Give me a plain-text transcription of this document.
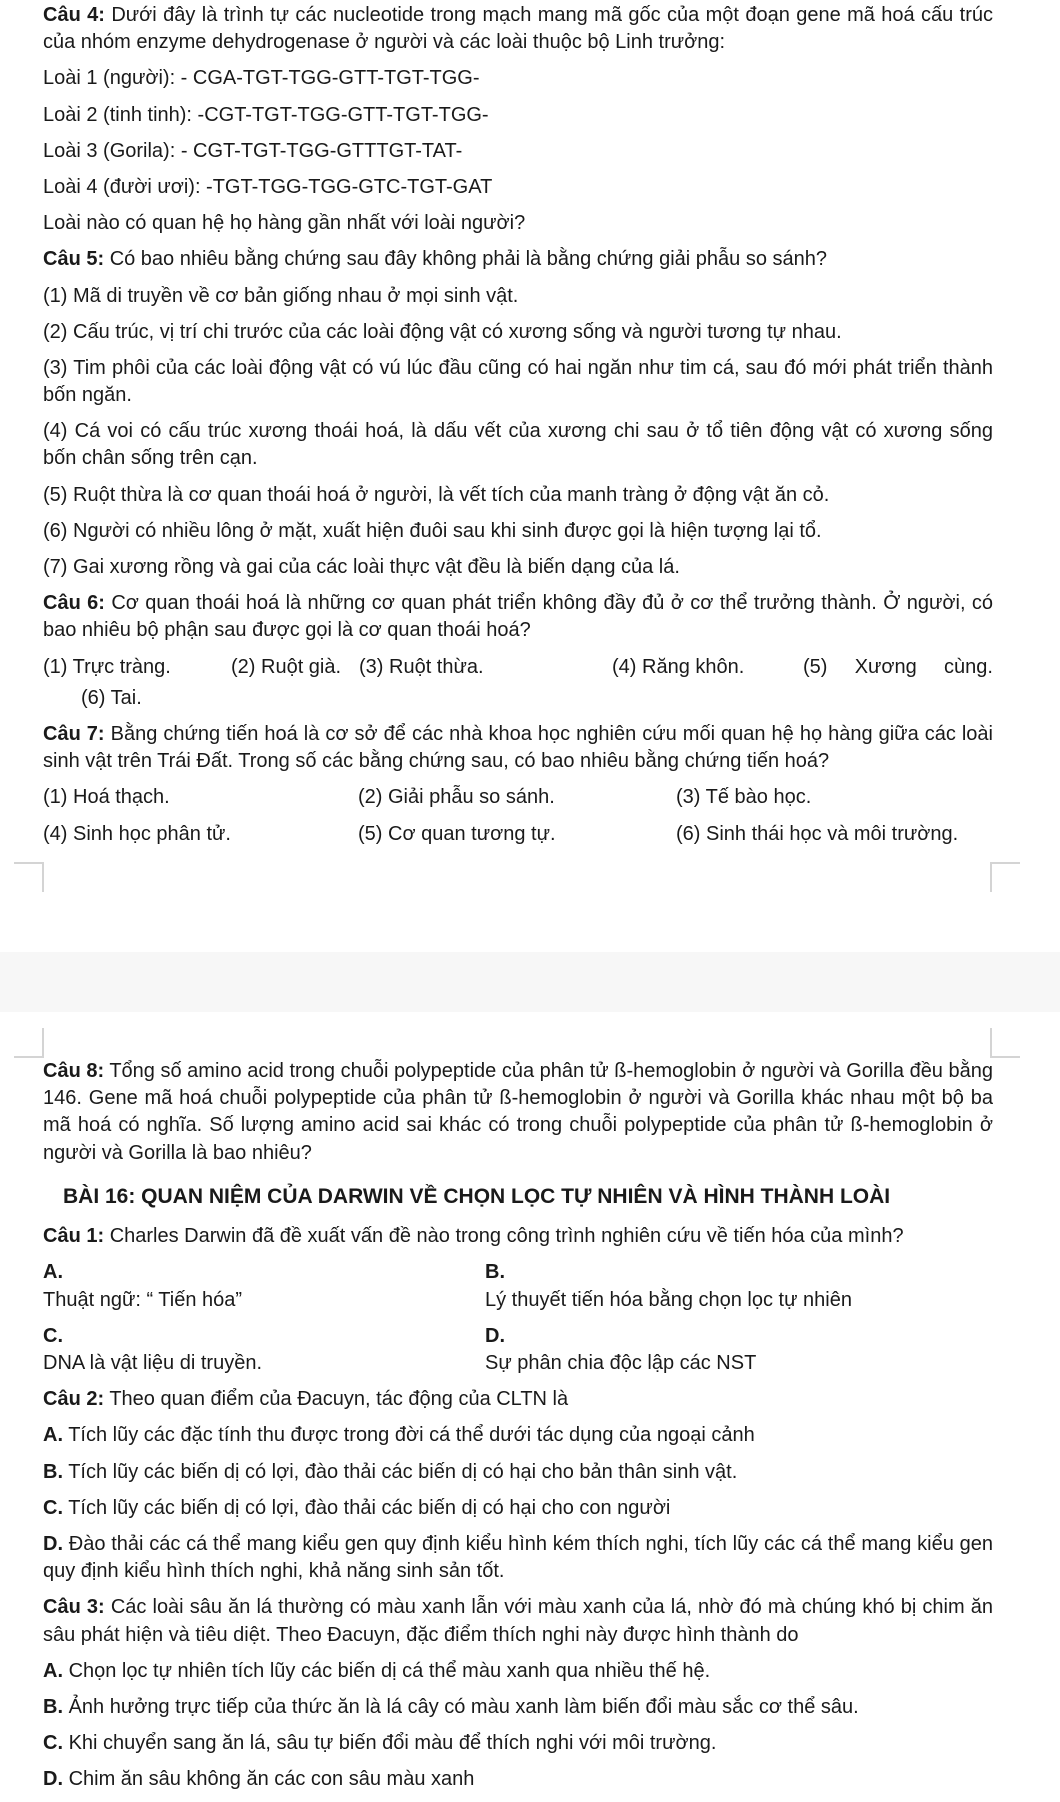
Câu 4: Dưới đây là trình tự các nucleotide trong mạch mang mã gốc của một đoạn gene mã hoá cấu trúc của nhóm enzyme dehydrogenase ở người và các loài thuộc bộ Linh trưởng:

Loài 1 (người): - CGA-TGT-TGG-GTT-TGT-TGG-

Loài 2 (tinh tinh): -CGT-TGT-TGG-GTT-TGT-TGG-

Loài 3 (Gorila): - CGT-TGT-TGG-GTTTGT-TAT-

Loài 4 (đười ươi): -TGT-TGG-TGG-GTC-TGT-GAT

Loài nào có quan hệ họ hàng gần nhất với loài người?

Câu 5: Có bao nhiêu bằng chứng sau đây không phải là bằng chứng giải phẫu so sánh?

(1) Mã di truyền về cơ bản giống nhau ở mọi sinh vật.

(2) Cấu trúc, vị trí chi trước của các loài động vật có xương sống và người tương tự nhau.

(3) Tim phôi của các loài động vật có vú lúc đầu cũng có hai ngăn như tim cá, sau đó mới phát triển thành bốn ngăn.

(4) Cá voi có cấu trúc xương thoái hoá, là dấu vết của xương chi sau ở tổ tiên động vật có xương sống bốn chân sống trên cạn.

(5) Ruột thừa là cơ quan thoái hoá ở người, là vết tích của manh tràng ở động vật ăn cỏ.

(6) Người có nhiều lông ở mặt, xuất hiện đuôi sau khi sinh được gọi là hiện tượng lại tổ.

(7) Gai xương rồng và gai của các loài thực vật đều là biến dạng của lá.

Câu 6: Cơ quan thoái hoá là những cơ quan phát triển không đầy đủ ở cơ thể trưởng thành. Ở người, có bao nhiêu bộ phận sau được gọi là cơ quan thoái hoá?

(1) Trực tràng.	(2) Ruột già. (3) Ruột thừa.	(4) Răng khôn.	(5) Xương cùng.

(6) Tai.

Câu 7: Bằng chứng tiến hoá là cơ sở để các nhà khoa học nghiên cứu mối quan hệ họ hàng giữa các loài sinh vật trên Trái Đất. Trong số các bằng chứng sau, có bao nhiêu bằng chứng tiến hoá?

(1) Hoá thạch.	(2) Giải phẫu so sánh.	(3) Tế bào học.
(4) Sinh học phân tử.	(5) Cơ quan tương tự.	(6) Sinh thái học và môi trường.

Câu 8: Tổng số amino acid trong chuỗi polypeptide của phân tử ß-hemoglobin ở người và Gorilla đều bằng 146. Gene mã hoá chuỗi polypeptide của phân tử ß-hemoglobin ở người và Gorilla khác nhau một bộ ba mã hoá có nghĩa. Số lượng amino acid sai khác có trong chuỗi polypeptide của phân tử ß-hemoglobin ở người và Gorilla là bao nhiêu?

BÀI 16: QUAN NIỆM CỦA DARWIN VỀ CHỌN LỌC TỰ NHIÊN VÀ HÌNH THÀNH LOÀI

Câu 1: Charles Darwin đã đề xuất vấn đề nào trong công trình nghiên cứu về tiến hóa của mình?

A.
Thuật ngữ: “ Tiến hóa”
B.
Lý thuyết tiến hóa bằng chọn lọc tự nhiên
C.
DNA là vật liệu di truyền.
D.
Sự phân chia độc lập các NST

Câu 2: Theo quan điểm của Đacuyn, tác động của CLTN là

A. Tích lũy các đặc tính thu được trong đời cá thể dưới tác dụng của ngoại cảnh

B. Tích lũy các biến dị có lợi, đào thải các biến dị có hại cho bản thân sinh vật.

C. Tích lũy các biến dị có lợi, đào thải các biến dị có hại cho con người

D. Đào thải các cá thể mang kiểu gen quy định kiểu hình kém thích nghi, tích lũy các cá thể mang kiểu gen quy định kiểu hình thích nghi, khả năng sinh sản tốt.

Câu 3: Các loài sâu ăn lá thường có màu xanh lẫn với màu xanh của lá, nhờ đó mà chúng khó bị chim ăn sâu phát hiện và tiêu diệt. Theo Đacuyn, đặc điểm thích nghi này được hình thành do

A. Chọn lọc tự nhiên tích lũy các biến dị cá thể màu xanh qua nhiều thế hệ.

B. Ảnh hưởng trực tiếp của thức ăn là lá cây có màu xanh làm biến đổi màu sắc cơ thể sâu.

C. Khi chuyển sang ăn lá, sâu tự biến đổi màu để thích nghi với môi trường.

D. Chim ăn sâu không ăn các con sâu màu xanh
